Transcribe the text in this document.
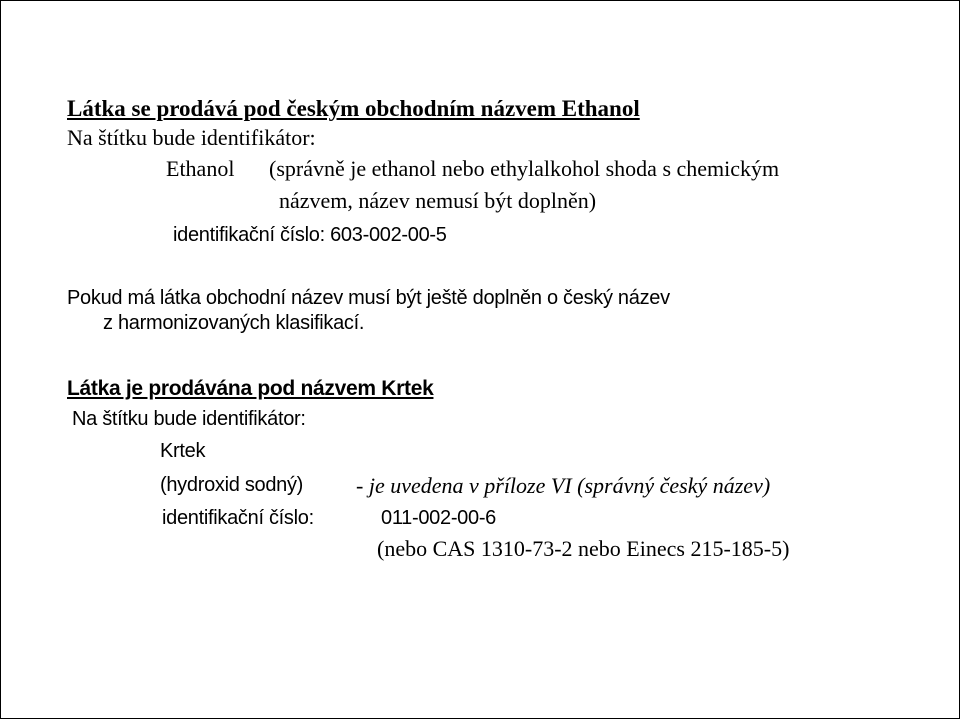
Látka se prodává pod českým obchodním názvem Ethanol
Na štítku bude identifikátor:
Ethanol (správně je ethanol nebo ethylalkohol shoda s chemickým
názvem, název nemusí být doplněn)
identifikační číslo: 603-002-00-5
Pokud má látka obchodní název musí být ještě doplněn o český název
z harmonizovaných klasifikací.
Látka je prodávána pod názvem Krtek
Na štítku bude identifikátor:
Krtek
(hydroxid sodný) - je uvedena v příloze VI (správný český název)
identifikační číslo:	011-002-00-6
(nebo CAS 1310-73-2 nebo Einecs 215-185-5)
